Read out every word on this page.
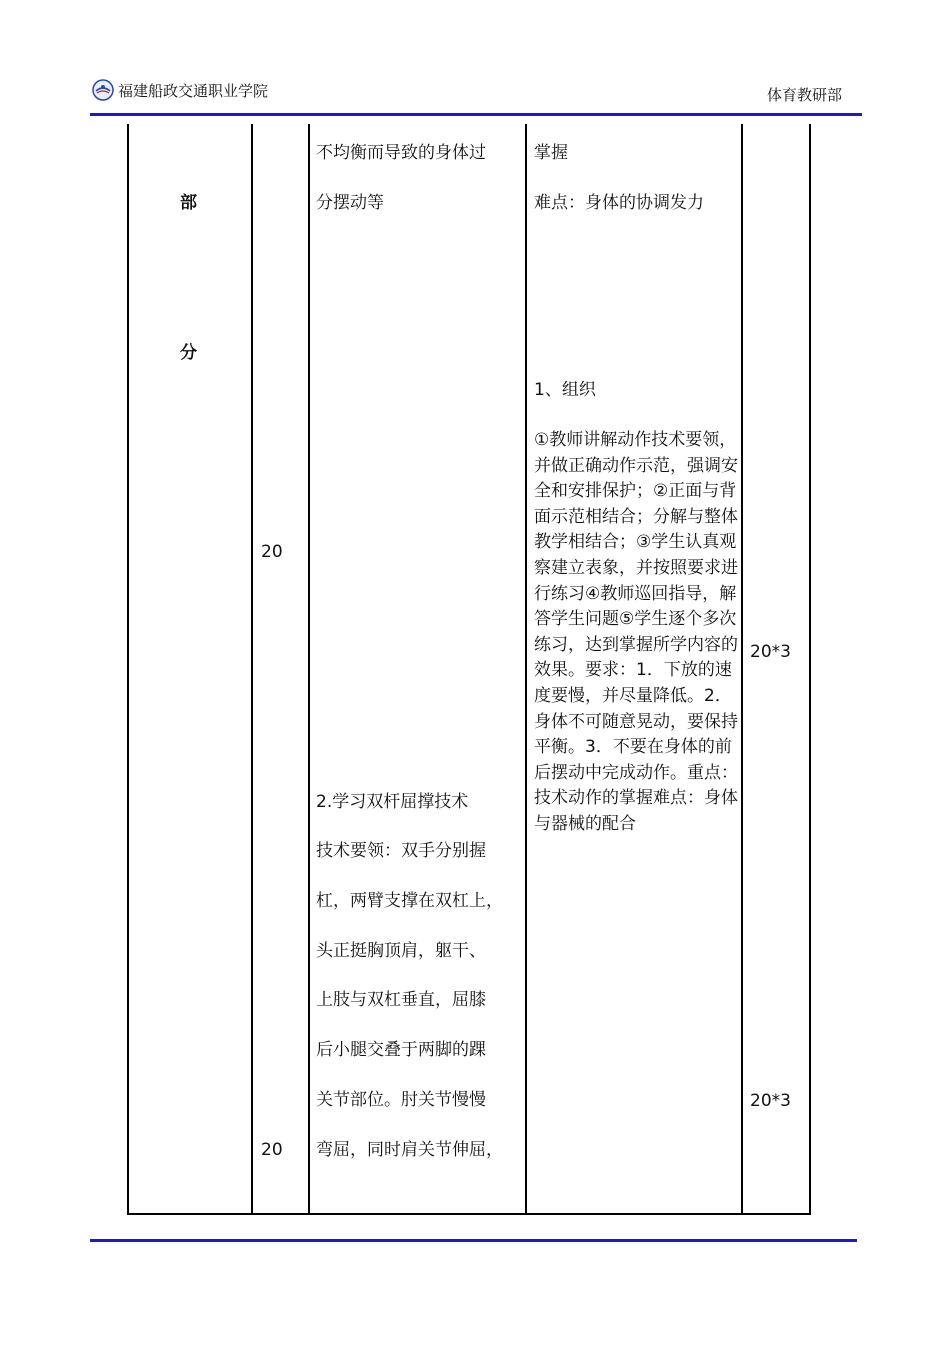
福建船政交通职业学院	体育教研部
部
分
20
20
不均衡而导致的身体过
分摆动等
2.学习双杆屈撑技术
技术要领：双手分别握
杠，两臂支撑在双杠上，
头正挺胸顶肩，躯干、
上肢与双杠垂直，屈膝
后小腿交叠于两脚的踝
关节部位。肘关节慢慢
弯屈，同时肩关节伸屈，
掌握
难点：身体的协调发力
1、组织
①教师讲解动作技术要领，并做正确动作示范，强调安全和安排保护；②正面与背面示范相结合；分解与整体教学相结合；③学生认真观察建立表象，并按照要求进行练习④教师巡回指导，解答学生问题⑤学生逐个多次练习，达到掌握所学内容的效果。要求：1．下放的速度要慢，并尽量降低。2．身体不可随意晃动，要保持平衡。3．不要在身体的前后摆动中完成动作。重点：技术动作的掌握难点：身体与器械的配合
20*3
20*3
